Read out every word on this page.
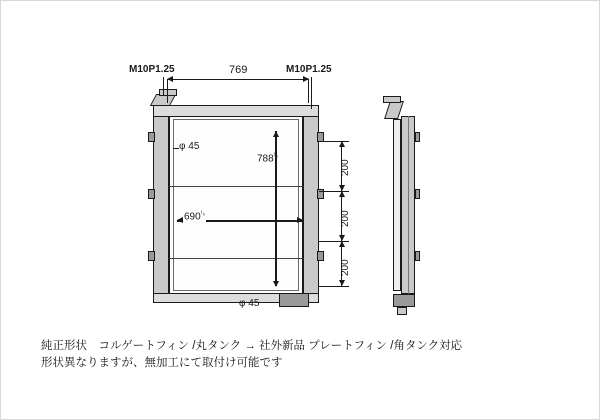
769
M10P1.25	M10P1.25
φ 45
φ 45
$788^{^1_0}$
$690^{^1_0}$
200
200
200
純正形状　コルゲートフィン /丸タンク → 社外新品 プレートフィン /角タンク対応
形状異なりますが、無加工にて取付け可能です
